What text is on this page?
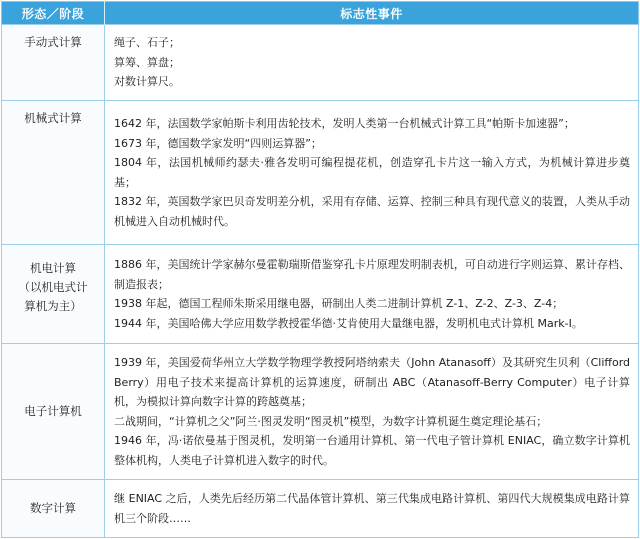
形态／阶段	标志性事件

手动式计算	绳子、石子；
算筹、算盘；
对数计算尺。

机械式计算	1642 年，法国数学家帕斯卡利用齿轮技术，发明人类第一台机械式计算工具“帕斯卡加速器”；
1673 年，德国数学家发明“四则运算器”；
1804 年，法国机械师约瑟夫·雅各发明可编程提花机，创造穿孔卡片这一输入方式，为机械计算进步奠基；
1832 年，英国数学家巴贝奇发明差分机，采用有存储、运算、控制三种具有现代意义的装置，人类从手动机械进入自动机械时代。

机电计算
（以机电式计
算机为主）	1886 年，美国统计学家赫尔曼霍勒瑞斯借鉴穿孔卡片原理发明制表机，可自动进行字则运算、累计存档、制造报表；
1938 年起，德国工程师朱斯采用继电器，研制出人类二进制计算机 Z-1、Z-2、Z-3、Z-4；
1944 年，美国哈佛大学应用数学教授霍华德·艾肯使用大量继电器，发明机电式计算机 Mark-I。

电子计算机	1939 年，美国爱荷华州立大学数学物理学教授阿塔纳索夫（John Atanasoff）及其研究生贝利（Clifford Berry）用电子技术来提高计算机的运算速度，研制出 ABC（Atanasoff-Berry Computer）电子计算机，为模拟计算向数字计算的跨越奠基；
二战期间，“计算机之父”阿兰·图灵发明“图灵机”模型，为数字计算机诞生奠定理论基石；
1946 年，冯·诺依曼基于图灵机，发明第一台通用计算机、第一代电子管计算机 ENIAC，确立数字计算机整体机构，人类电子计算机进入数字的时代。

数字计算	继 ENIAC 之后，人类先后经历第二代晶体管计算机、第三代集成电路计算机、第四代大规模集成电路计算机三个阶段……
